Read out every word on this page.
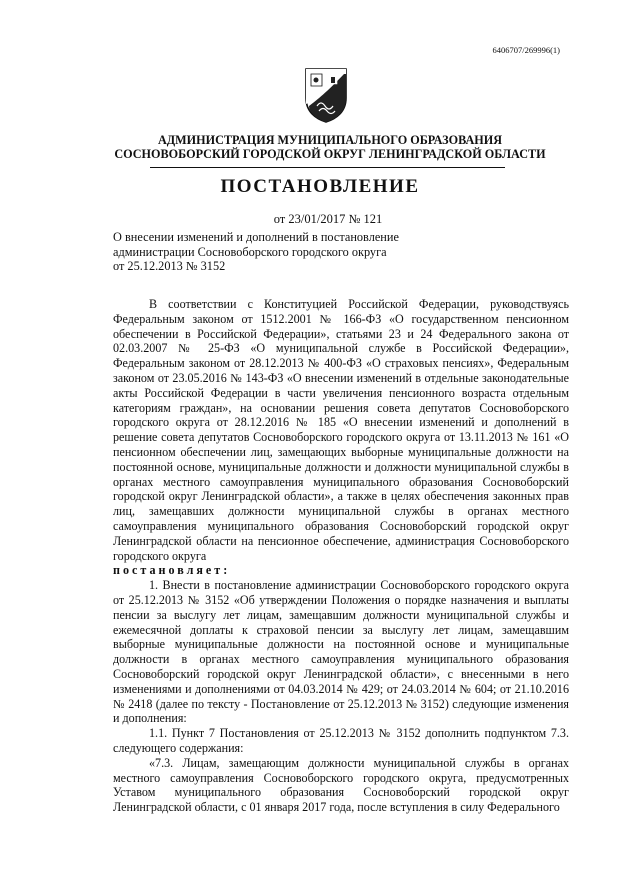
6406707/269996(1)
АДМИНИСТРАЦИЯ МУНИЦИПАЛЬНОГО ОБРАЗОВАНИЯ
СОСНОВОБОРСКИЙ ГОРОДСКОЙ ОКРУГ ЛЕНИНГРАДСКОЙ ОБЛАСТИ
ПОСТАНОВЛЕНИЕ
от 23/01/2017 № 121
О внесении изменений и дополнений в постановление
администрации Сосновоборского городского округа
от 25.12.2013 № 3152

В соответствии с Конституцией Российской Федерации, руководствуясь Федеральным законом от 1512.2001 № 166-ФЗ «О государственном пенсионном обеспечении в Российской Федерации», статьями 23 и 24 Федерального закона от 02.03.2007 № 25-ФЗ «О муниципальной службе в Российской Федерации», Федеральным законом от 28.12.2013 № 400-ФЗ «О страховых пенсиях», Федеральным законом от 23.05.2016 № 143-ФЗ «О внесении изменений в отдельные законодательные акты Российской Федерации в части увеличения пенсионного возраста отдельным категориям граждан», на основании решения совета депутатов Сосновоборского городского округа от 28.12.2016 № 185 «О внесении изменений и дополнений в решение совета депутатов Сосновоборского городского округа от 13.11.2013 № 161 «О пенсионном обеспечении лиц, замещающих выборные муниципальные должности на постоянной основе, муниципальные должности и должности муниципальной службы в органах местного самоуправления муниципального образования Сосновоборский городской округ Ленинградской области», а также в целях обеспечения законных прав лиц, замещавших должности муниципальной службы в органах местного самоуправления муниципального образования Сосновоборский городской округ Ленинградской области на пенсионное обеспечение, администрация Сосновоборского городского округа

постановляет:

1. Внести в постановление администрации Сосновоборского городского округа от 25.12.2013 № 3152 «Об утверждении Положения о порядке назначения и выплаты пенсии за выслугу лет лицам, замещавшим должности муниципальной службы и ежемесячной доплаты к страховой пенсии за выслугу лет лицам, замещавшим выборные муниципальные должности на постоянной основе и муниципальные должности в органах местного самоуправления муниципального образования Сосновоборский городской округ Ленинградской области», с внесенными в него изменениями и дополнениями от 04.03.2014 № 429; от 24.03.2014 № 604; от 21.10.2016 № 2418 (далее по тексту - Постановление от 25.12.2013 № 3152) следующие изменения и дополнения:

1.1. Пункт 7 Постановления от 25.12.2013 № 3152 дополнить подпунктом 7.3. следующего содержания:

«7.3. Лицам, замещающим должности муниципальной службы в органах местного самоуправления Сосновоборского городского округа, предусмотренных Уставом муниципального образования Сосновоборский городской округ Ленинградской области, с 01 января 2017 года, после вступления в силу Федерального
